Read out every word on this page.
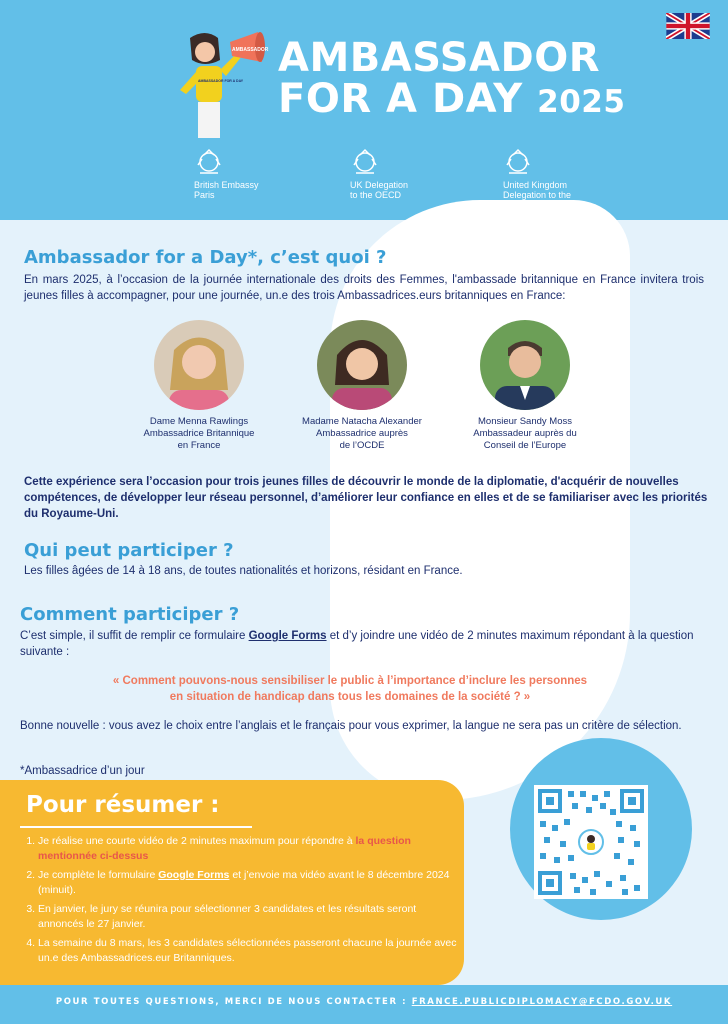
AMBASSADOR
AMBASSADOR FOR A DAY AMBASSADOR
FOR A DAY 2025
British Embassy
Paris
UK Delegation
to the OECD
United Kingdom
Delegation to the
Council of Europe
Ambassador for a Day*, c’est quoi ?
En mars 2025, à l’occasion de la journée internationale des droits des Femmes, l'ambassade britannique en France invitera trois jeunes filles à accompagner, pour une journée, un.e des trois Ambassadrices.eurs britanniques en France:
Dame Menna Rawlings
Ambassadrice Britannique
en France
Madame Natacha Alexander
Ambassadrice auprès
de l’OCDE
Monsieur Sandy Moss
Ambassadeur auprès du
Conseil de l’Europe
Cette expérience sera l’occasion pour trois jeunes filles de découvrir le monde de la diplomatie, d'acquérir de nouvelles compétences, de développer leur réseau personnel, d’améliorer leur confiance en elles et de se familiariser avec les priorités du Royaume-Uni.
Qui peut participer ?
Les filles âgées de 14 à 18 ans, de toutes nationalités et horizons, résidant en France.
Comment participer ?
C’est simple, il suffit de remplir ce formulaire Google Forms et d’y joindre une vidéo de 2 minutes maximum répondant à la question suivante :
« Comment pouvons-nous sensibiliser le public à l’importance d’inclure les personnes
en situation de handicap dans tous les domaines de la société ? »
Bonne nouvelle : vous avez le choix entre l’anglais et le français pour vous exprimer, la langue ne sera pas un critère de sélection.
*Ambassadrice d’un jour
Pour résumer :
1. Je réalise une courte vidéo de 2 minutes maximum pour répondre à la question mentionnée ci-dessus
2. Je complète le formulaire Google Forms et j’envoie ma vidéo avant le 8 décembre 2024 (minuit).
3. En janvier, le jury se réunira pour sélectionner 3 candidates et les résultats seront annoncés le 27 janvier.
4. La semaine du 8 mars, les 3 candidates sélectionnées passeront chacune la journée avec un.e des Ambassadrices.eur Britanniques.
POUR TOUTES QUESTIONS, MERCI DE NOUS CONTACTER : FRANCE.PUBLICDIPLOMACY@FCDO.GOV.UK
